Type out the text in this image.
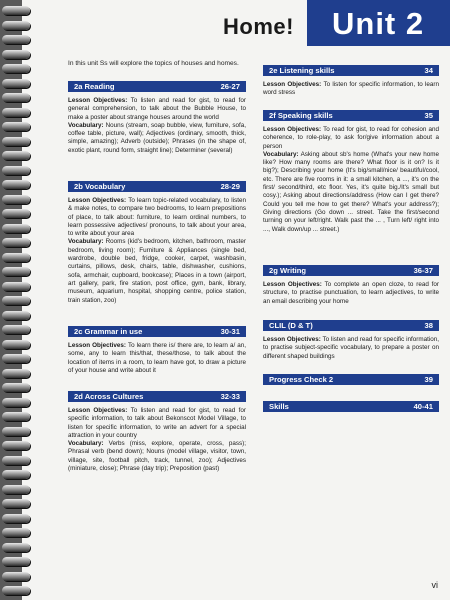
Home! Unit 2
In this unit Ss will explore the topics of houses and homes.
2a Reading	26-27
Lesson Objectives: To listen and read for gist, to read for general comprehension, to talk about the Bubble House, to make a poster about strange houses around the world
Vocabulary: Nouns (stream, soap bubble, view, furniture, sofa, coffee table, picture, wall); Adjectives (ordinary, smooth, thick, simple, amazing); Adverb (outside); Phrases (in the shape of, exotic plant, round form, straight line); Determiner (several)
2b Vocabulary	28-29
Lesson Objectives: To learn topic-related vocabulary, to listen & make notes, to compare two bedrooms, to learn prepositions of place, to talk about: furniture, to learn ordinal numbers, to learn possessive adjectives/ pronouns, to talk about your area, to write about your area
Vocabulary: Rooms (kid's bedroom, kitchen, bathroom, master bedroom, living room); Furniture & Appliances (single bed, wardrobe, double bed, fridge, cooker, carpet, washbasin, curtains, pillows, desk, chairs, table, dishwasher, cushions, sofa, armchair, cupboard, bookcase); Places in a town (airport, art gallery, park, fire station, post office, gym, bank, library, museum, aquarium, hospital, shopping centre, police station, train station, zoo)
2c Grammar in use	30-31
Lesson Objectives: To learn there is/ there are, to learn a/ an, some, any to learn this/that, these/those, to talk about the location of items in a room, to learn have got, to draw a picture of your house and write about it
2d Across Cultures	32-33
Lesson Objectives: To listen and read for gist, to read for specific information, to talk about Bekonscot Model Village, to listen for specific information, to write an advert for a special attraction in your country
Vocabulary: Verbs (miss, explore, operate, cross, pass); Phrasal verb (bend down); Nouns (model village, visitor, town, village, site, football pitch, track, tunnel, zoo); Adjectives (miniature, close); Phrase (day trip); Preposition (past)
2e Listening skills	34
Lesson Objectives: To listen for specific information, to learn word stress
2f Speaking skills	35
Lesson Objectives: To read for gist, to read for cohesion and coherence, to role-play, to ask for/give information about a person
Vocabulary: Asking about sb's home (What's your new home like? How many rooms are there? What floor is it on? Is it big?); Describing your home (It's big/small/nice/ beautiful/cool, etc. There are five rooms in it: a small kitchen, a ..., it's on the first/ second/third, etc floor. Yes, it's quite big./It's small but cosy.); Asking about directions/address (How can I get there? Could you tell me how to get there? What's your address?); Giving directions (Go down ... street. Take the first/second turning on your left/right. Walk past the ... , Turn left/ right into ..., Walk down/up ... street.)
2g Writing	36-37
Lesson Objectives: To complete an open cloze, to read for structure, to practise punctuation, to learn adjectives, to write an email describing your home
CLIL (D & T)	38
Lesson Objectives: To listen and read for specific information, to practise subject-specific vocabulary, to prepare a poster on different shaped buildings
Progress Check 2	39
Skills	40-41
vi
